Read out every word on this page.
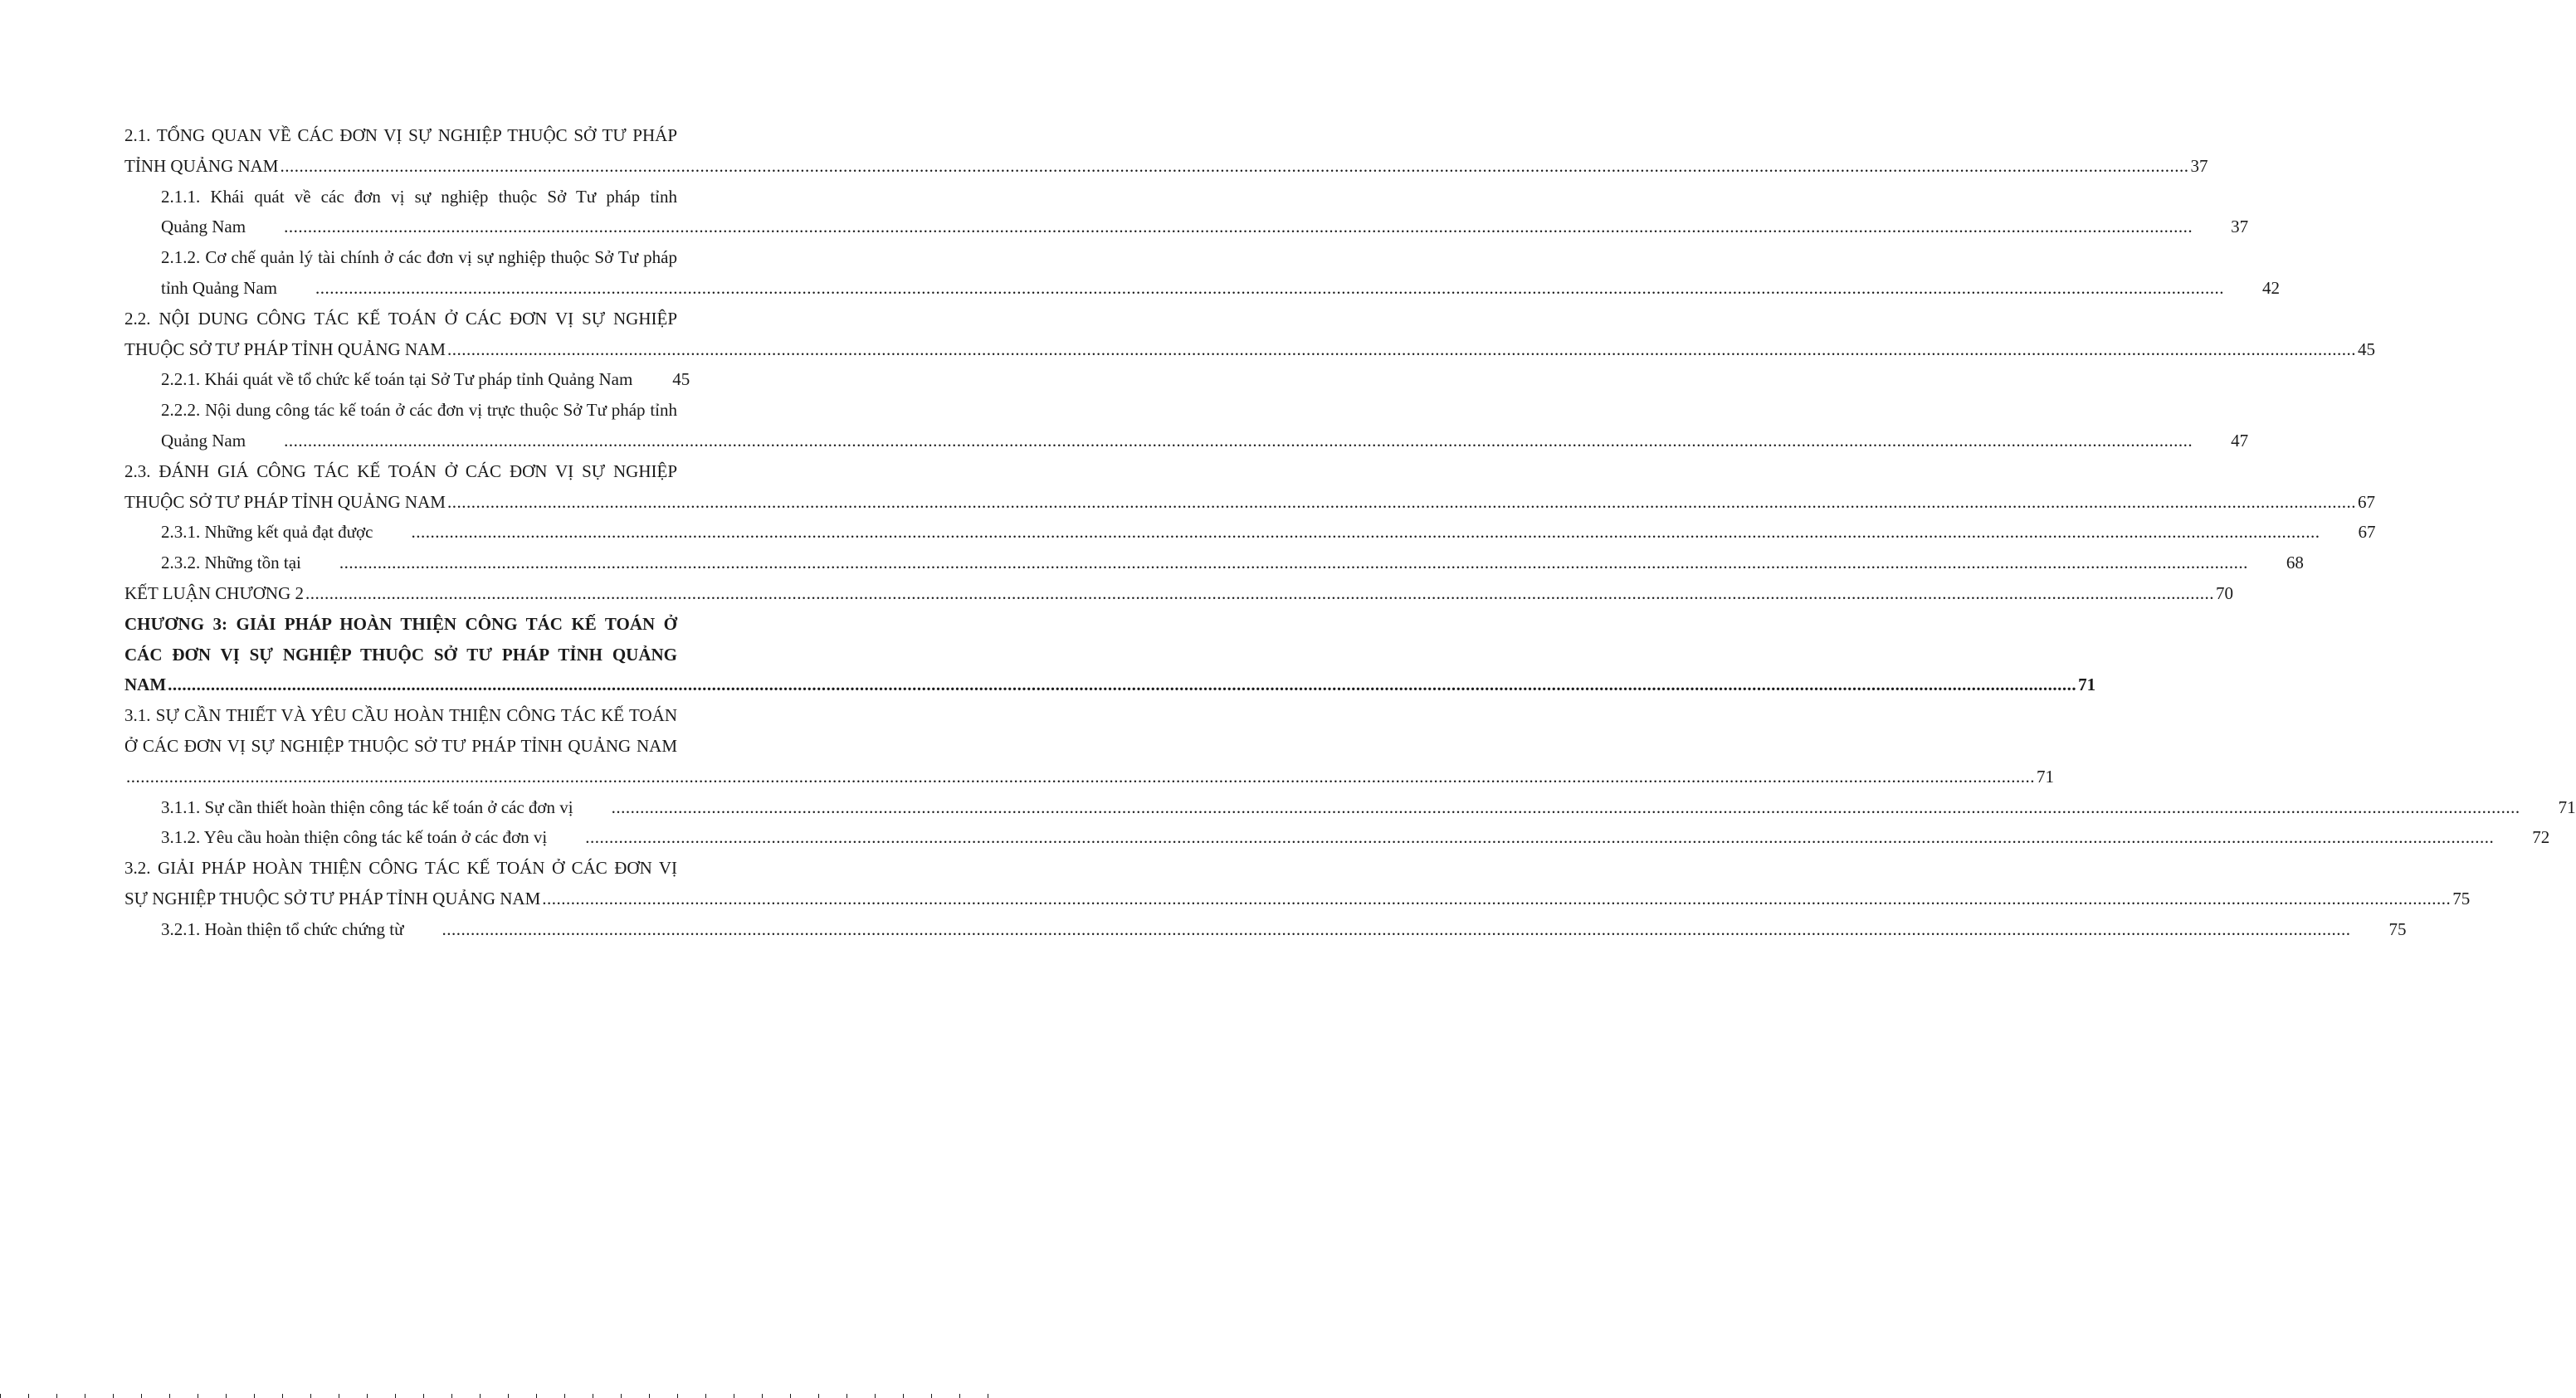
2.1. TỔNG QUAN VỀ CÁC ĐƠN VỊ SỰ NGHIỆP THUỘC SỞ TƯ PHÁP
TỈNH QUẢNG NAM ................................................................................................................................................................................................................................................................................................................................................................................................................ 37
2.1.1. Khái quát về các đơn vị sự nghiệp thuộc Sở Tư pháp tỉnh
Quảng Nam	................................................................................................................................................................................................................................................................................................................................................................................................................	37
2.1.2. Cơ chế quản lý tài chính ở các đơn vị sự nghiệp thuộc Sở Tư pháp
tỉnh Quảng Nam	................................................................................................................................................................................................................................................................................................................................................................................................................	42
2.2. NỘI DUNG CÔNG TÁC KẾ TOÁN Ở CÁC ĐƠN VỊ SỰ NGHIỆP
THUỘC SỞ TƯ PHÁP TỈNH QUẢNG NAM ................................................................................................................................................................................................................................................................................................................................................................................................................ 45
2.2.1. Khái quát về tổ chức kế toán tại Sở Tư pháp tỉnh Quảng Nam	45
2.2.2. Nội dung công tác kế toán ở các đơn vị trực thuộc Sở Tư pháp tỉnh
Quảng Nam	................................................................................................................................................................................................................................................................................................................................................................................................................	47
2.3. ĐÁNH GIÁ CÔNG TÁC KẾ TOÁN Ở CÁC ĐƠN VỊ SỰ NGHIỆP
THUỘC SỞ TƯ PHÁP TỈNH QUẢNG NAM ................................................................................................................................................................................................................................................................................................................................................................................................................ 67
2.3.1. Những kết quả đạt được	................................................................................................................................................................................................................................................................................................................................................................................................................	67
2.3.2. Những tồn tại	................................................................................................................................................................................................................................................................................................................................................................................................................	68
KẾT LUẬN CHƯƠNG 2 ................................................................................................................................................................................................................................................................................................................................................................................................................ 70
CHƯƠNG 3: GIẢI PHÁP HOÀN THIỆN CÔNG TÁC KẾ TOÁN Ở
CÁC ĐƠN VỊ SỰ NGHIỆP THUỘC SỞ TƯ PHÁP TỈNH QUẢNG
NAM ................................................................................................................................................................................................................................................................................................................................................................................................................ 71
3.1. SỰ CẦN THIẾT VÀ YÊU CẦU HOÀN THIỆN CÔNG TÁC KẾ TOÁN
Ở CÁC ĐƠN VỊ SỰ NGHIỆP THUỘC SỞ TƯ PHÁP TỈNH QUẢNG NAM
................................................................................................................................................................................................................................................................................................................................................................................................................ 71
3.1.1. Sự cần thiết hoàn thiện công tác kế toán ở các đơn vị	................................................................................................................................................................................................................................................................................................................................................................................................................	71
3.1.2. Yêu cầu hoàn thiện công tác kế toán ở các đơn vị	................................................................................................................................................................................................................................................................................................................................................................................................................	72
3.2. GIẢI PHÁP HOÀN THIỆN CÔNG TÁC KẾ TOÁN Ở CÁC ĐƠN VỊ
SỰ NGHIỆP THUỘC SỞ TƯ PHÁP TỈNH QUẢNG NAM ................................................................................................................................................................................................................................................................................................................................................................................................................ 75
3.2.1. Hoàn thiện tổ chức chứng từ	................................................................................................................................................................................................................................................................................................................................................................................................................	75
